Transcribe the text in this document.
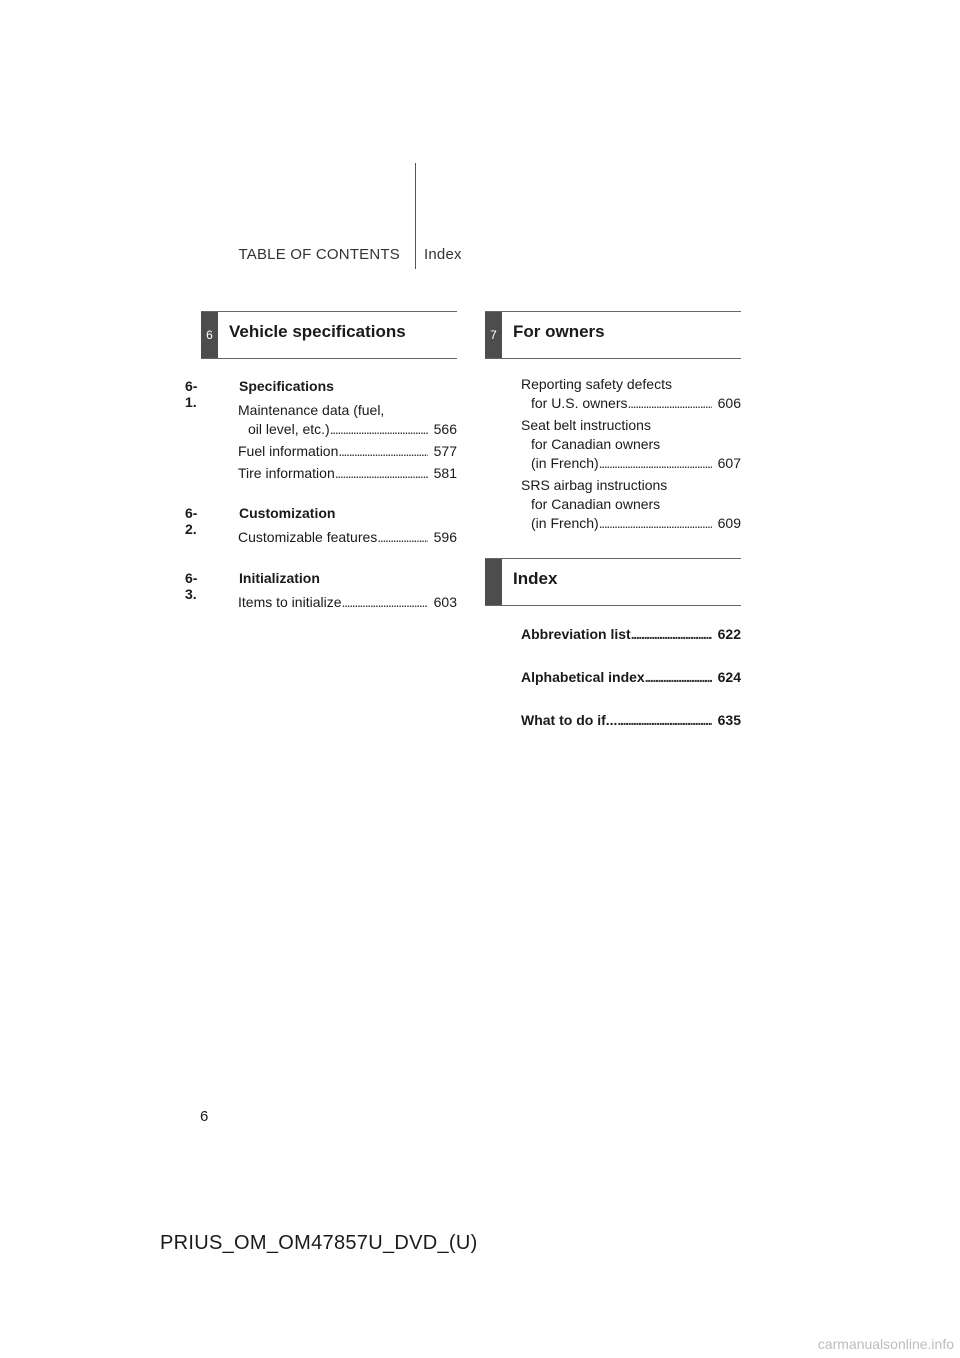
TABLE OF CONTENTS Index
6 Vehicle specifications
6-1.
Specifications
Maintenance data (fuel,
oil level, etc.) . . .	566
Fuel information . . .	577
Tire information . . .	581
6-2.
Customization
Customizable features . . .	596
6-3.
Initialization
Items to initialize . . .	603
7 For owners
Reporting safety defects
for U.S. owners . . .	606
Seat belt instructions
for Canadian owners
(in French) . . .	607
SRS airbag instructions
for Canadian owners
(in French) . . .	609
Index
Abbreviation list . . .	622
Alphabetical index . . .	624
What to do if... . . .	635
6
PRIUS_OM_OM47857U_DVD_(U)
carmanualsonline.info
